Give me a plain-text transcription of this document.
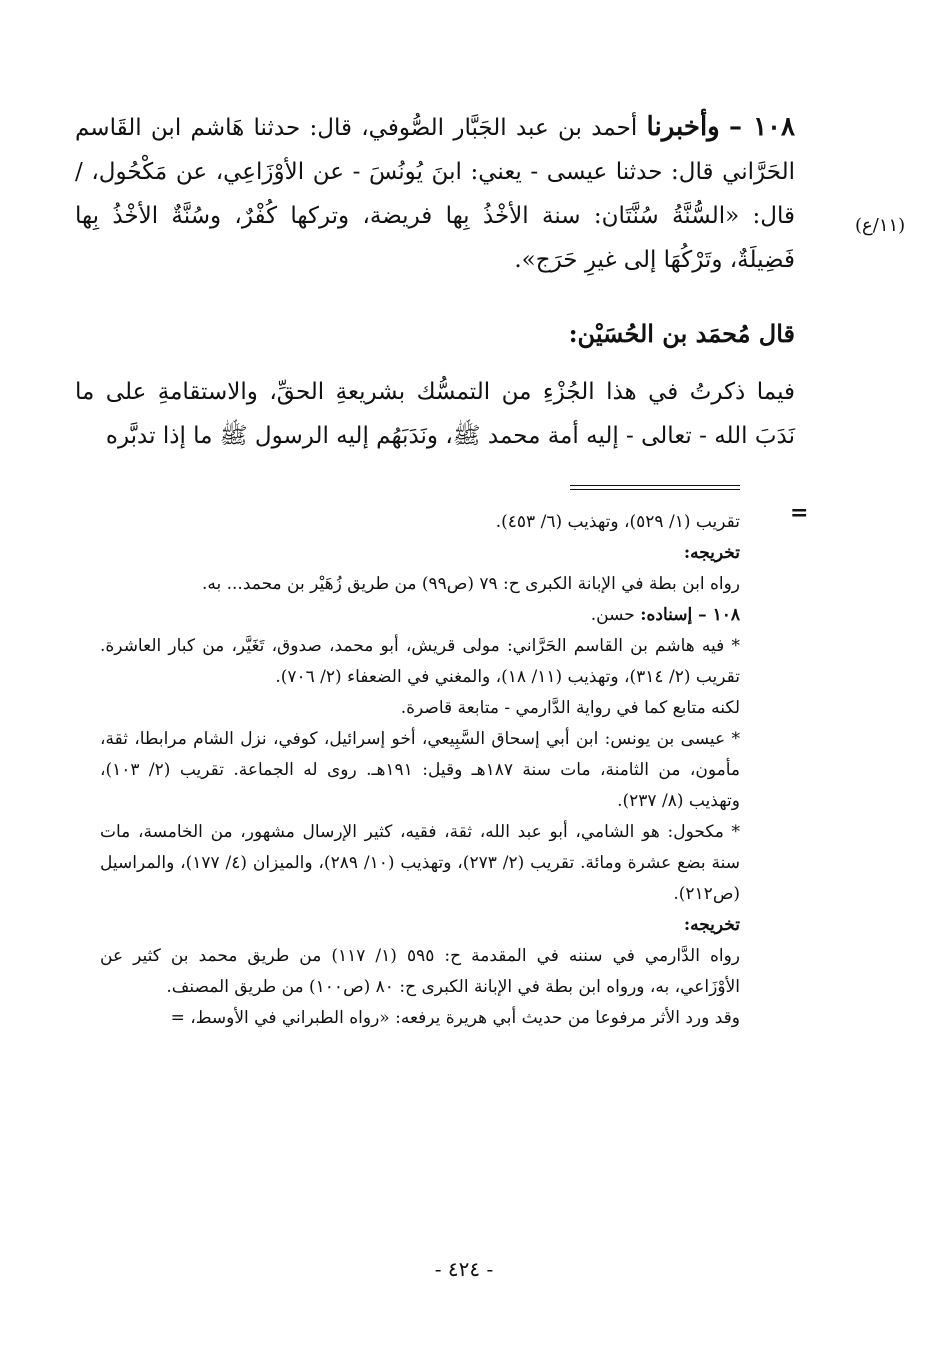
(١١/ع)

١٠٨ – وأخبرنا أحمد بن عبد الجَبَّار الصُّوفي، قال: حدثنا هَاشم ابن القَاسم الحَرَّاني قال: حدثنا عيسى - يعني: ابنَ يُونُسَ - عن الأوْزَاعِي، عن مَكْحُول، / قال: «السُّنَّةُ سُنَّتَان: سنة الأخْذُ بِها فريضة، وتركها كُفْرٌ، وسُنَّةٌ الأخْذُ بِها فَضِيلَةٌ، وتَرْكُهَا إلى غيرِ حَرَج».

قال مُحمَد بن الحُسَيْن:

فيما ذكرتُ في هذا الجُزْءِ من التمسُّك بشريعةِ الحقِّ، والاستقامةِ على ما نَدَبَ الله - تعالى - إليه أمة محمد ﷺ، ونَدَبَهُم إليه الرسول ﷺ ما إذا تدبَّره

=

تقريب (١/ ٥٢٩)، وتهذيب (٦/ ٤٥٣).

تخريجه:

رواه ابن بطة في الإبانة الكبرى ح: ٧٩ (ص٩٩) من طريق زُهَيْر بن محمد... به.

١٠٨ – إسناده: حسن.

* فيه هاشم بن القاسم الحَرَّاني: مولى قريش، أبو محمد، صدوق، تَغَيَّر، من كبار العاشرة. تقريب (٢/ ٣١٤)، وتهذيب (١١/ ١٨)، والمغني في الضعفاء (٢/ ٧٠٦).

لكنه متابع كما في رواية الدَّارمي - متابعة قاصرة.

* عيسى بن يونس: ابن أبي إسحاق السَّبِيعي، أخو إسرائيل، كوفي، نزل الشام مرابطا، ثقة، مأمون، من الثامنة، مات سنة ١٨٧هـ وقيل: ١٩١هـ. روى له الجماعة. تقريب (٢/ ١٠٣)، وتهذيب (٨/ ٢٣٧).

* مكحول: هو الشامي، أبو عبد الله، ثقة، فقيه، كثير الإرسال مشهور، من الخامسة، مات سنة بضع عشرة ومائة. تقريب (٢/ ٢٧٣)، وتهذيب (١٠/ ٢٨٩)، والميزان (٤/ ١٧٧)، والمراسيل (ص٢١٢).

تخريجه:

رواه الدَّارمي في سننه في المقدمة ح: ٥٩٥ (١/ ١١٧) من طريق محمد بن كثير عن الأوْزَاعي، به، ورواه ابن بطة في الإبانة الكبرى ح: ٨٠ (ص١٠٠) من طريق المصنف.

وقد ورد الأثر مرفوعا من حديث أبي هريرة يرفعه: «رواه الطبراني في الأوسط، =

- ٤٢٤ -
